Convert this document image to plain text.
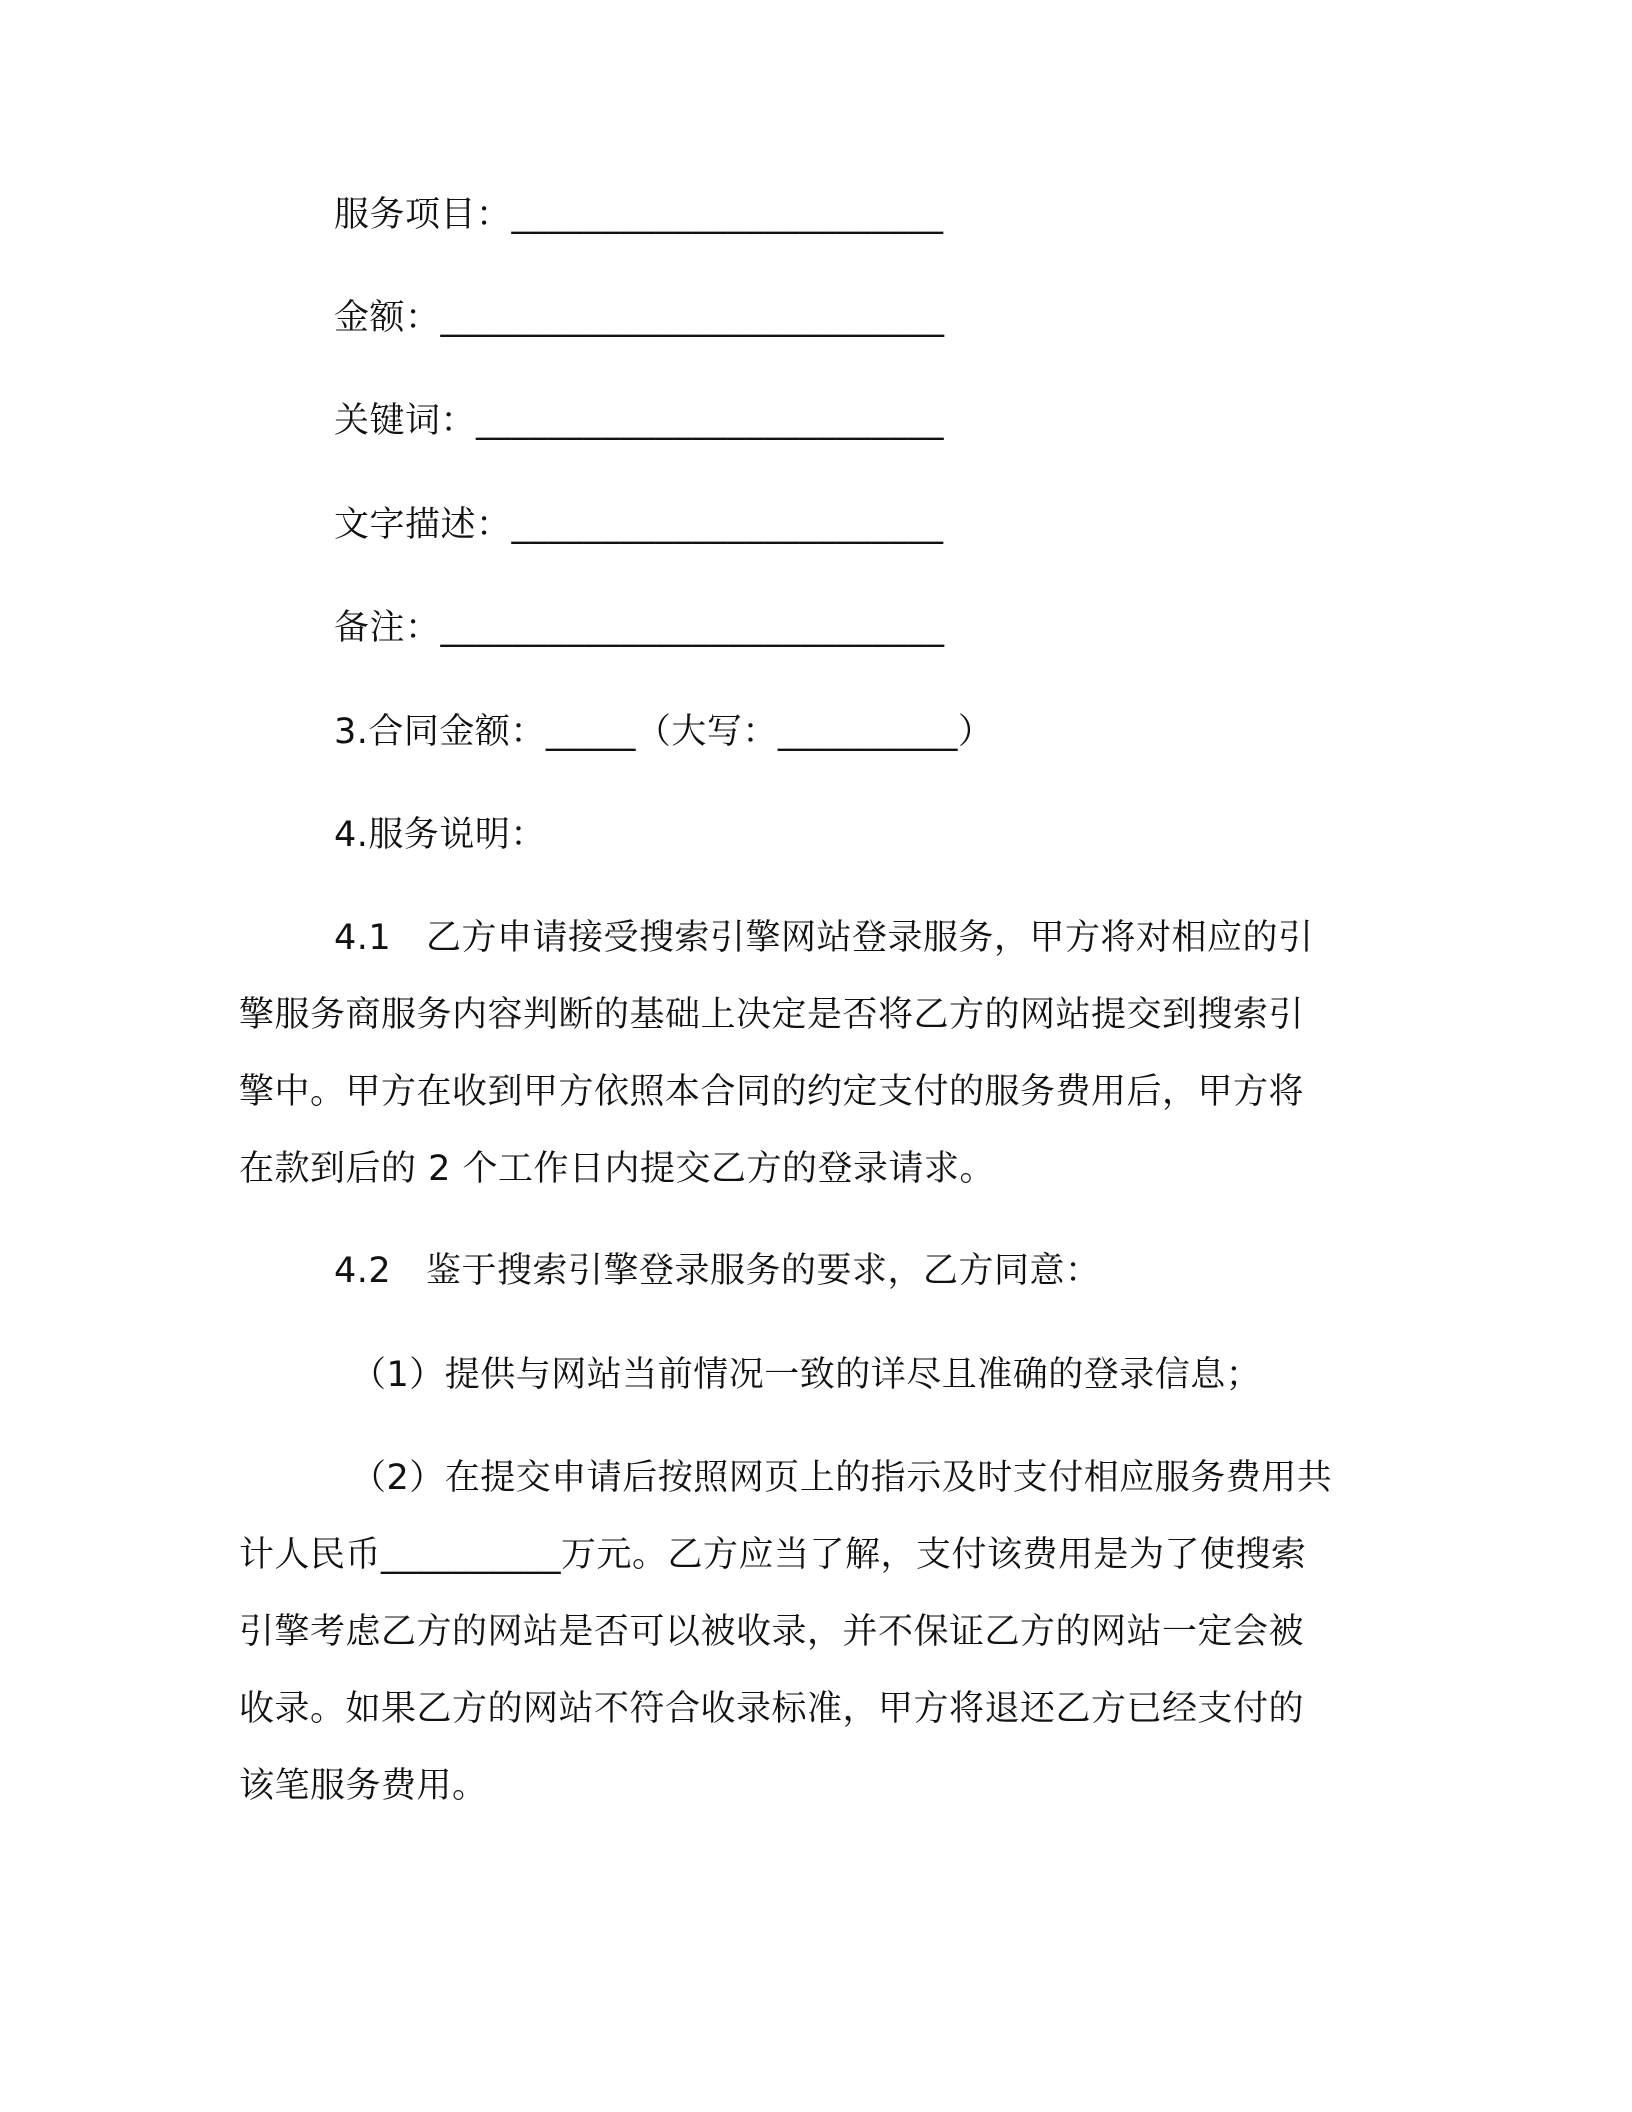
服务项目：________________________
金额：____________________________
关键词：__________________________
文字描述：________________________
备注：____________________________
3.合同金额：_____（大写：__________）
4.服务说明：
4.1 乙方申请接受搜索引擎网站登录服务，甲方将对相应的引
擎服务商服务内容判断的基础上决定是否将乙方的网站提交到搜索引
擎中。甲方在收到甲方依照本合同的约定支付的服务费用后，甲方将
在款到后的 2 个工作日内提交乙方的登录请求。
4.2 鉴于搜索引擎登录服务的要求，乙方同意：
（1）提供与网站当前情况一致的详尽且准确的登录信息；
（2）在提交申请后按照网页上的指示及时支付相应服务费用共
计人民币__________万元。乙方应当了解，支付该费用是为了使搜索
引擎考虑乙方的网站是否可以被收录，并不保证乙方的网站一定会被
收录。如果乙方的网站不符合收录标准，甲方将退还乙方已经支付的
该笔服务费用。
